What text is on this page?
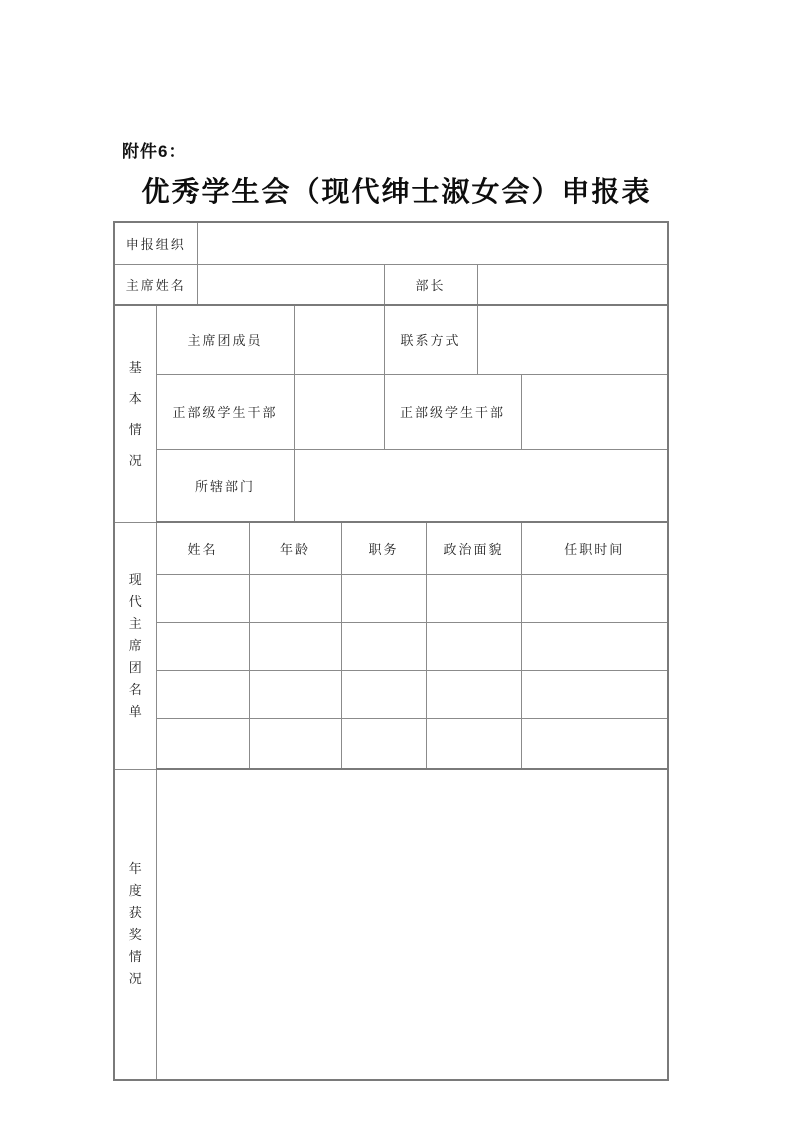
附件6：
优秀学生会（现代绅士淑女会）申报表
申报组织									
主席姓名						部长			
基本情况	主席团成员					联系方式			
	正部级学生干部					正部级学生干部			
	所辖部门								
现代主席团名单	姓名		年龄		职务		政治面貌		任职时间

年度获奖情况									
